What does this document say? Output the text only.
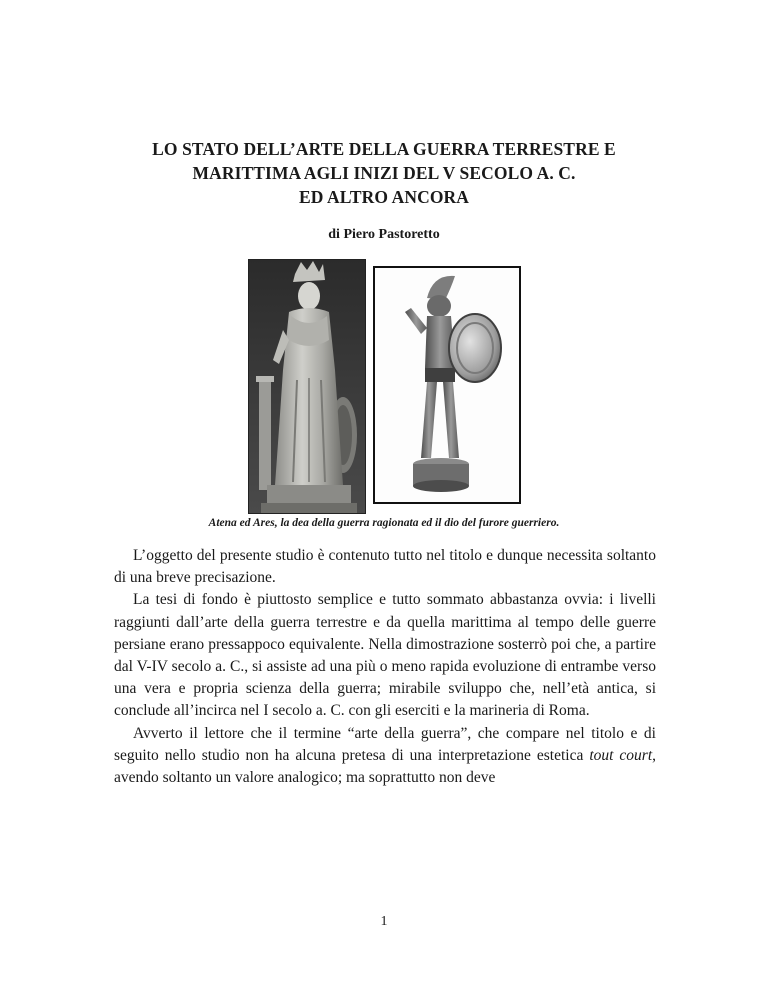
LO STATO DELL’ARTE DELLA GUERRA TERRESTRE E
MARITTIMA AGLI INIZI DEL V SECOLO A. C.
ED ALTRO ANCORA
di Piero Pastoretto
Atena ed Ares, la dea della guerra ragionata ed il dio del furore guerriero.

L’oggetto del presente studio è contenuto tutto nel titolo e dunque necessita soltanto di una breve precisazione.

La tesi di fondo è piuttosto semplice e tutto sommato abbastanza ovvia: i livelli raggiunti dall’arte della guerra terrestre e da quella marittima al tempo delle guerre persiane erano pressappoco equivalente. Nella dimostrazione sosterrò poi che, a partire dal V-IV secolo a. C., si assiste ad una più o meno rapida evoluzione di entrambe verso una vera e propria scienza della guerra; mirabile sviluppo che, nell’età antica, si conclude all’incirca nel I secolo a. C. con gli eserciti e la marineria di Roma.

Avverto il lettore che il termine “arte della guerra”, che compare nel titolo e di seguito nello studio non ha alcuna pretesa di una interpretazione estetica tout court, avendo soltanto un valore analogico; ma soprattutto non deve

1
